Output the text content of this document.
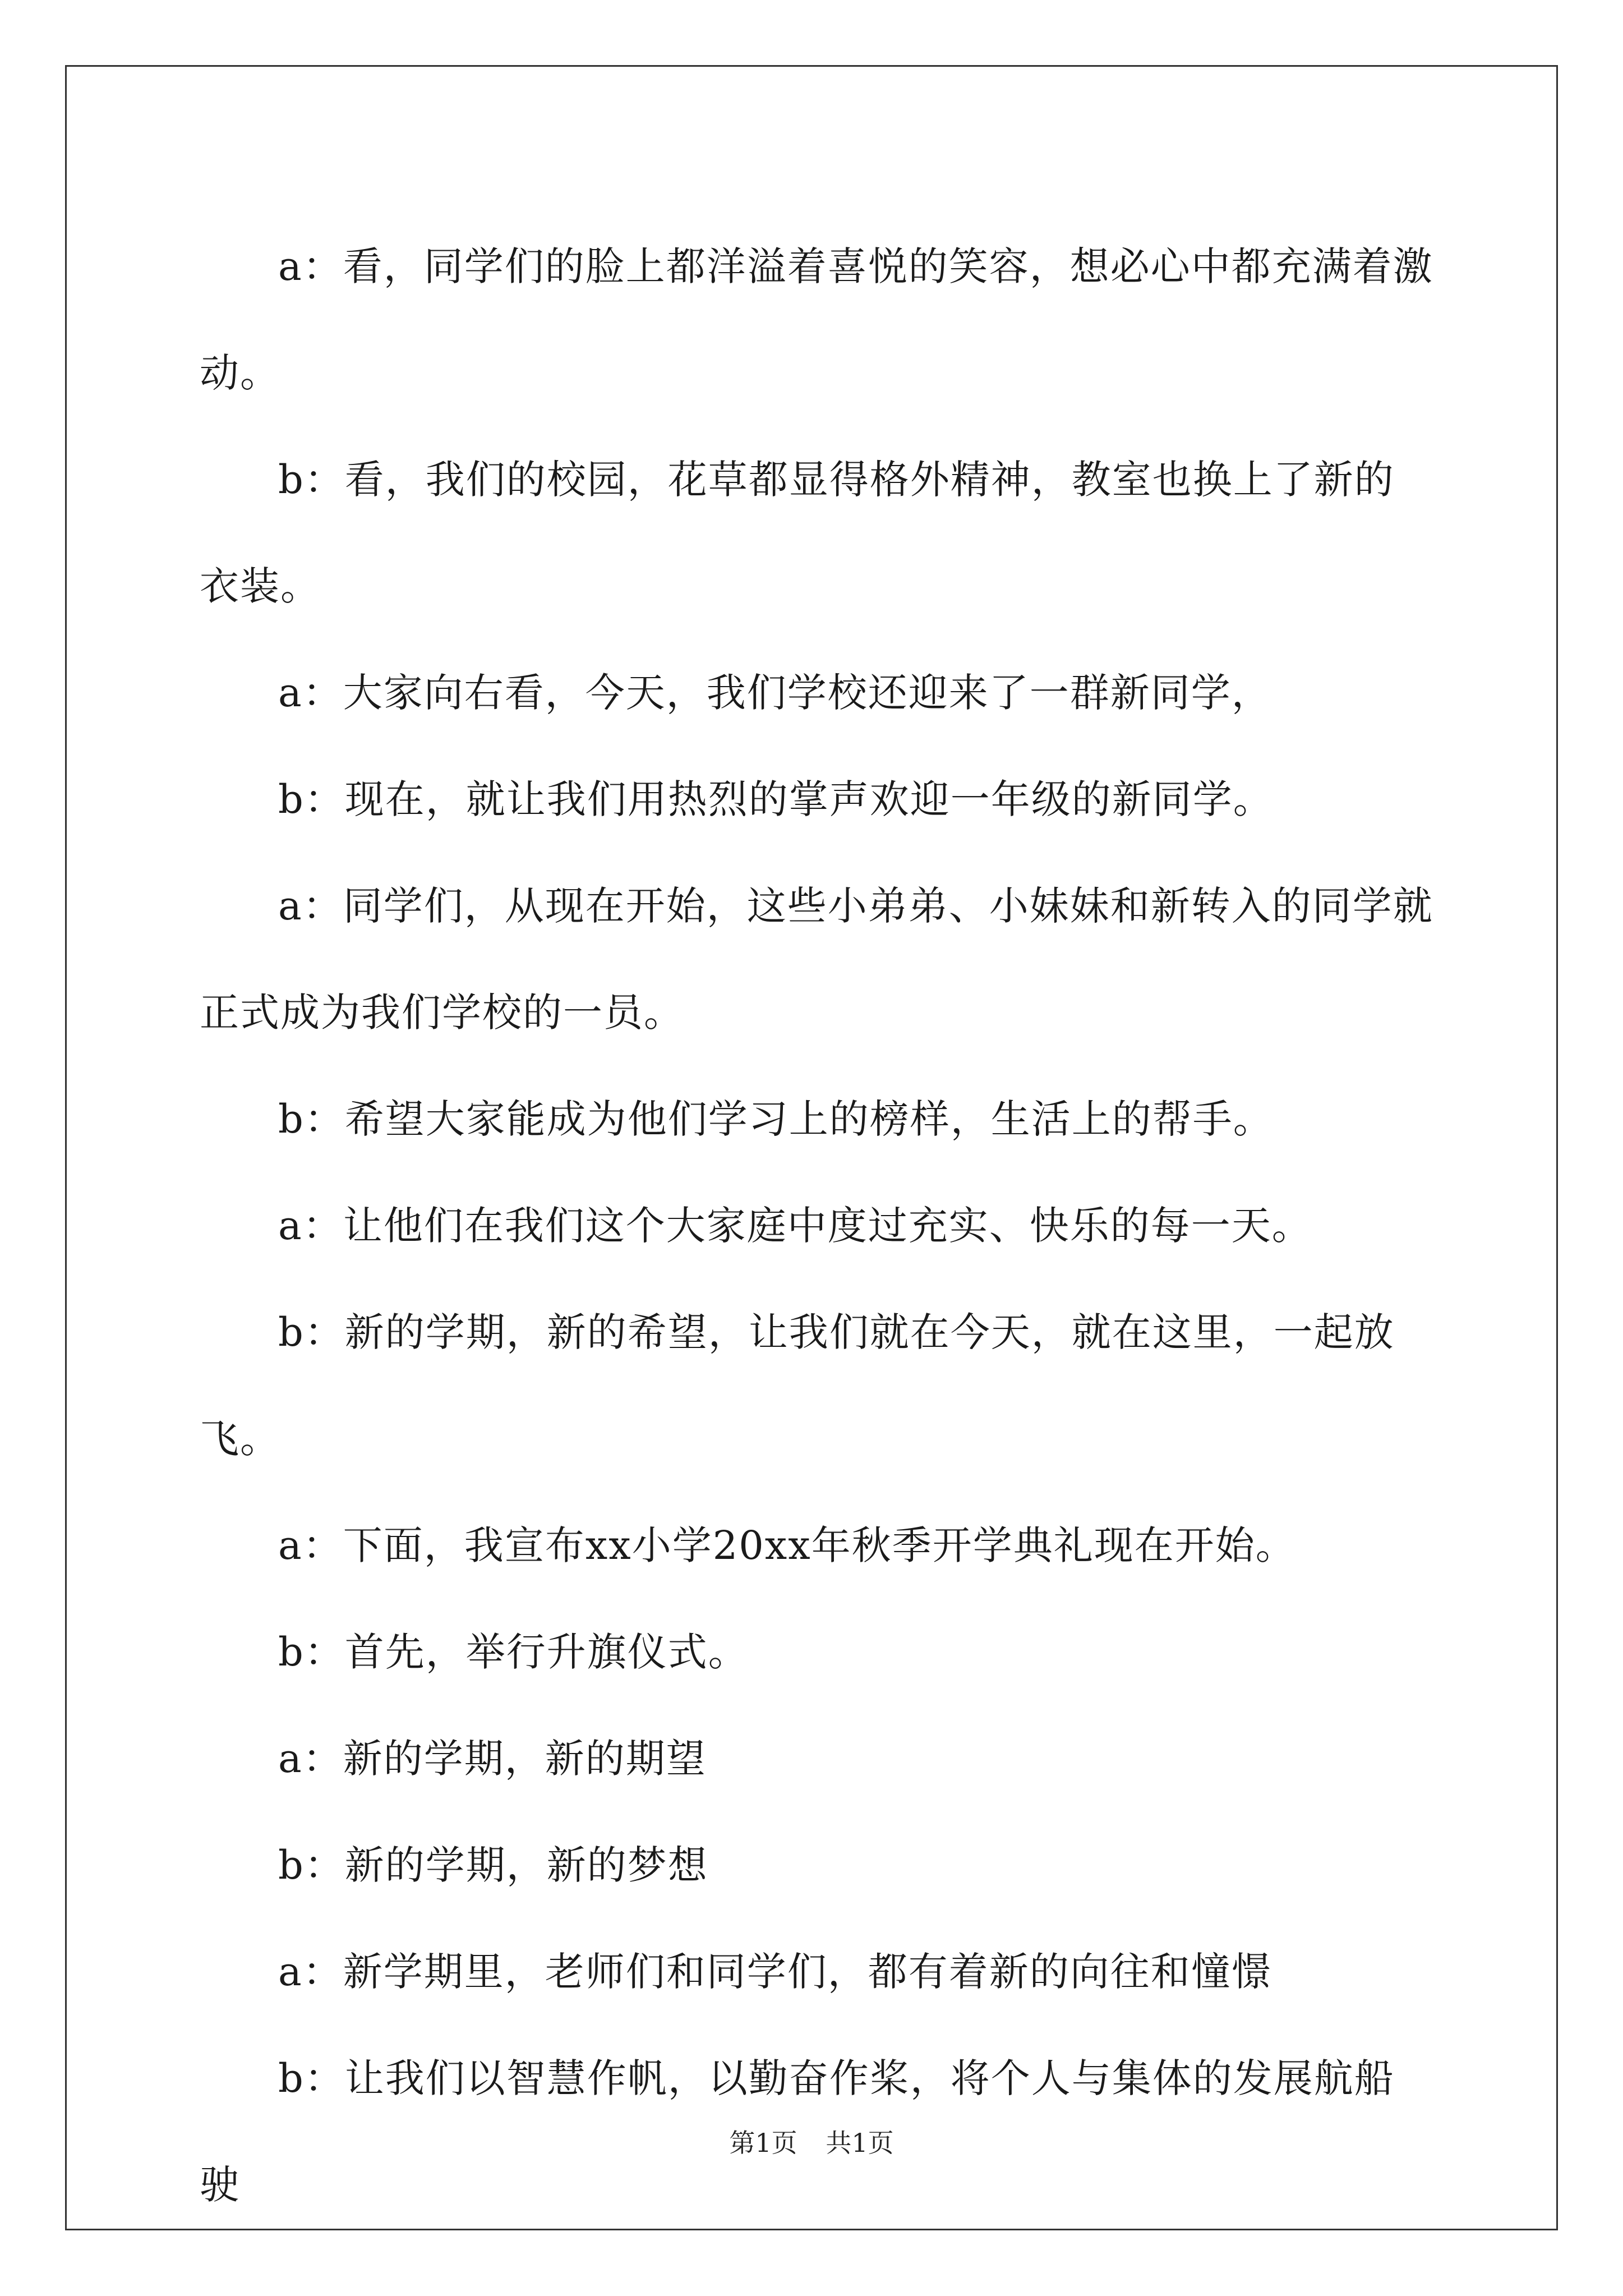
a：看，同学们的脸上都洋溢着喜悦的笑容，想必心中都充满着激动。

b：看，我们的校园，花草都显得格外精神，教室也换上了新的衣装。

a：大家向右看，今天，我们学校还迎来了一群新同学，

b：现在，就让我们用热烈的掌声欢迎一年级的新同学。

a：同学们，从现在开始，这些小弟弟、小妹妹和新转入的同学就正式成为我们学校的一员。

b：希望大家能成为他们学习上的榜样，生活上的帮手。

a：让他们在我们这个大家庭中度过充实、快乐的每一天。

b：新的学期，新的希望，让我们就在今天，就在这里，一起放飞。

a：下面，我宣布xx小学20xx年秋季开学典礼现在开始。

b：首先，举行升旗仪式。

a：新的学期，新的期望

b：新的学期，新的梦想

a：新学期里，老师们和同学们，都有着新的向往和憧憬

b：让我们以智慧作帆，以勤奋作桨，将个人与集体的发展航船驶

第1页 共1页
